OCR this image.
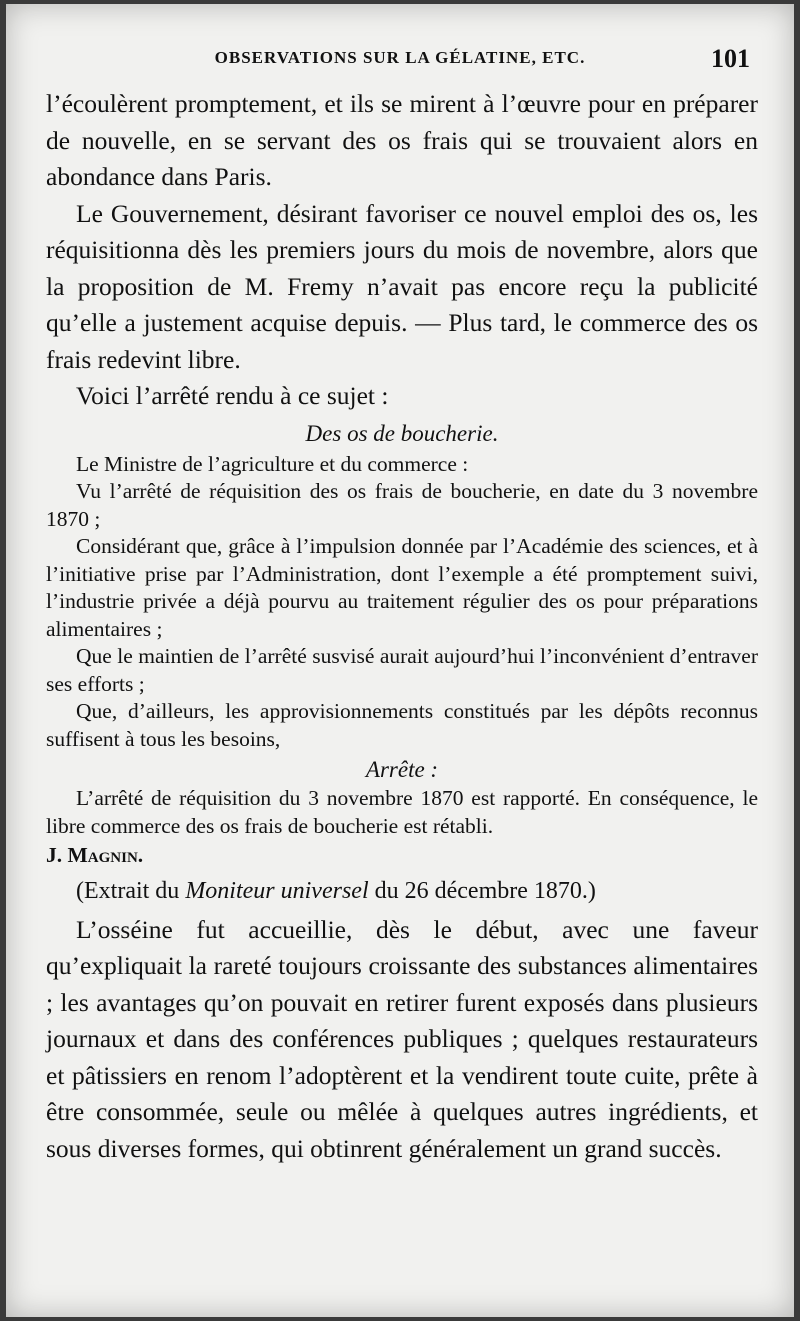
OBSERVATIONS SUR LA GÉLATINE, ETC.	101

l’écoulèrent promptement, et ils se mirent à l’œuvre pour en préparer de nouvelle, en se servant des os frais qui se trouvaient alors en abondance dans Paris.

Le Gouvernement, désirant favoriser ce nouvel emploi des os, les réquisitionna dès les premiers jours du mois de novembre, alors que la proposition de M. Fremy n’avait pas encore reçu la publicité qu’elle a justement acquise depuis. — Plus tard, le commerce des os frais redevint libre.

Voici l’arrêté rendu à ce sujet :

Des os de boucherie.

Le Ministre de l’agriculture et du commerce :

Vu l’arrêté de réquisition des os frais de boucherie, en date du 3 novembre 1870 ;

Considérant que, grâce à l’impulsion donnée par l’Académie des sciences, et à l’initiative prise par l’Administration, dont l’exemple a été promptement suivi, l’industrie privée a déjà pourvu au traitement régulier des os pour préparations alimentaires ;

Que le maintien de l’arrêté susvisé aurait aujourd’hui l’inconvénient d’entraver ses efforts ;

Que, d’ailleurs, les approvisionnements constitués par les dépôts reconnus suffisent à tous les besoins,

Arrête :

L’arrêté de réquisition du 3 novembre 1870 est rapporté. En conséquence, le libre commerce des os frais de boucherie est rétabli.

J. Magnin.

(Extrait du Moniteur universel du 26 décembre 1870.)

L’osséine fut accueillie, dès le début, avec une faveur qu’expliquait la rareté toujours croissante des substances alimentaires ; les avantages qu’on pouvait en retirer furent exposés dans plusieurs journaux et dans des conférences publiques ; quelques restaurateurs et pâtissiers en renom l’adoptèrent et la vendirent toute cuite, prête à être consommée, seule ou mêlée à quelques autres ingrédients, et sous diverses formes, qui obtinrent généralement un grand succès.
